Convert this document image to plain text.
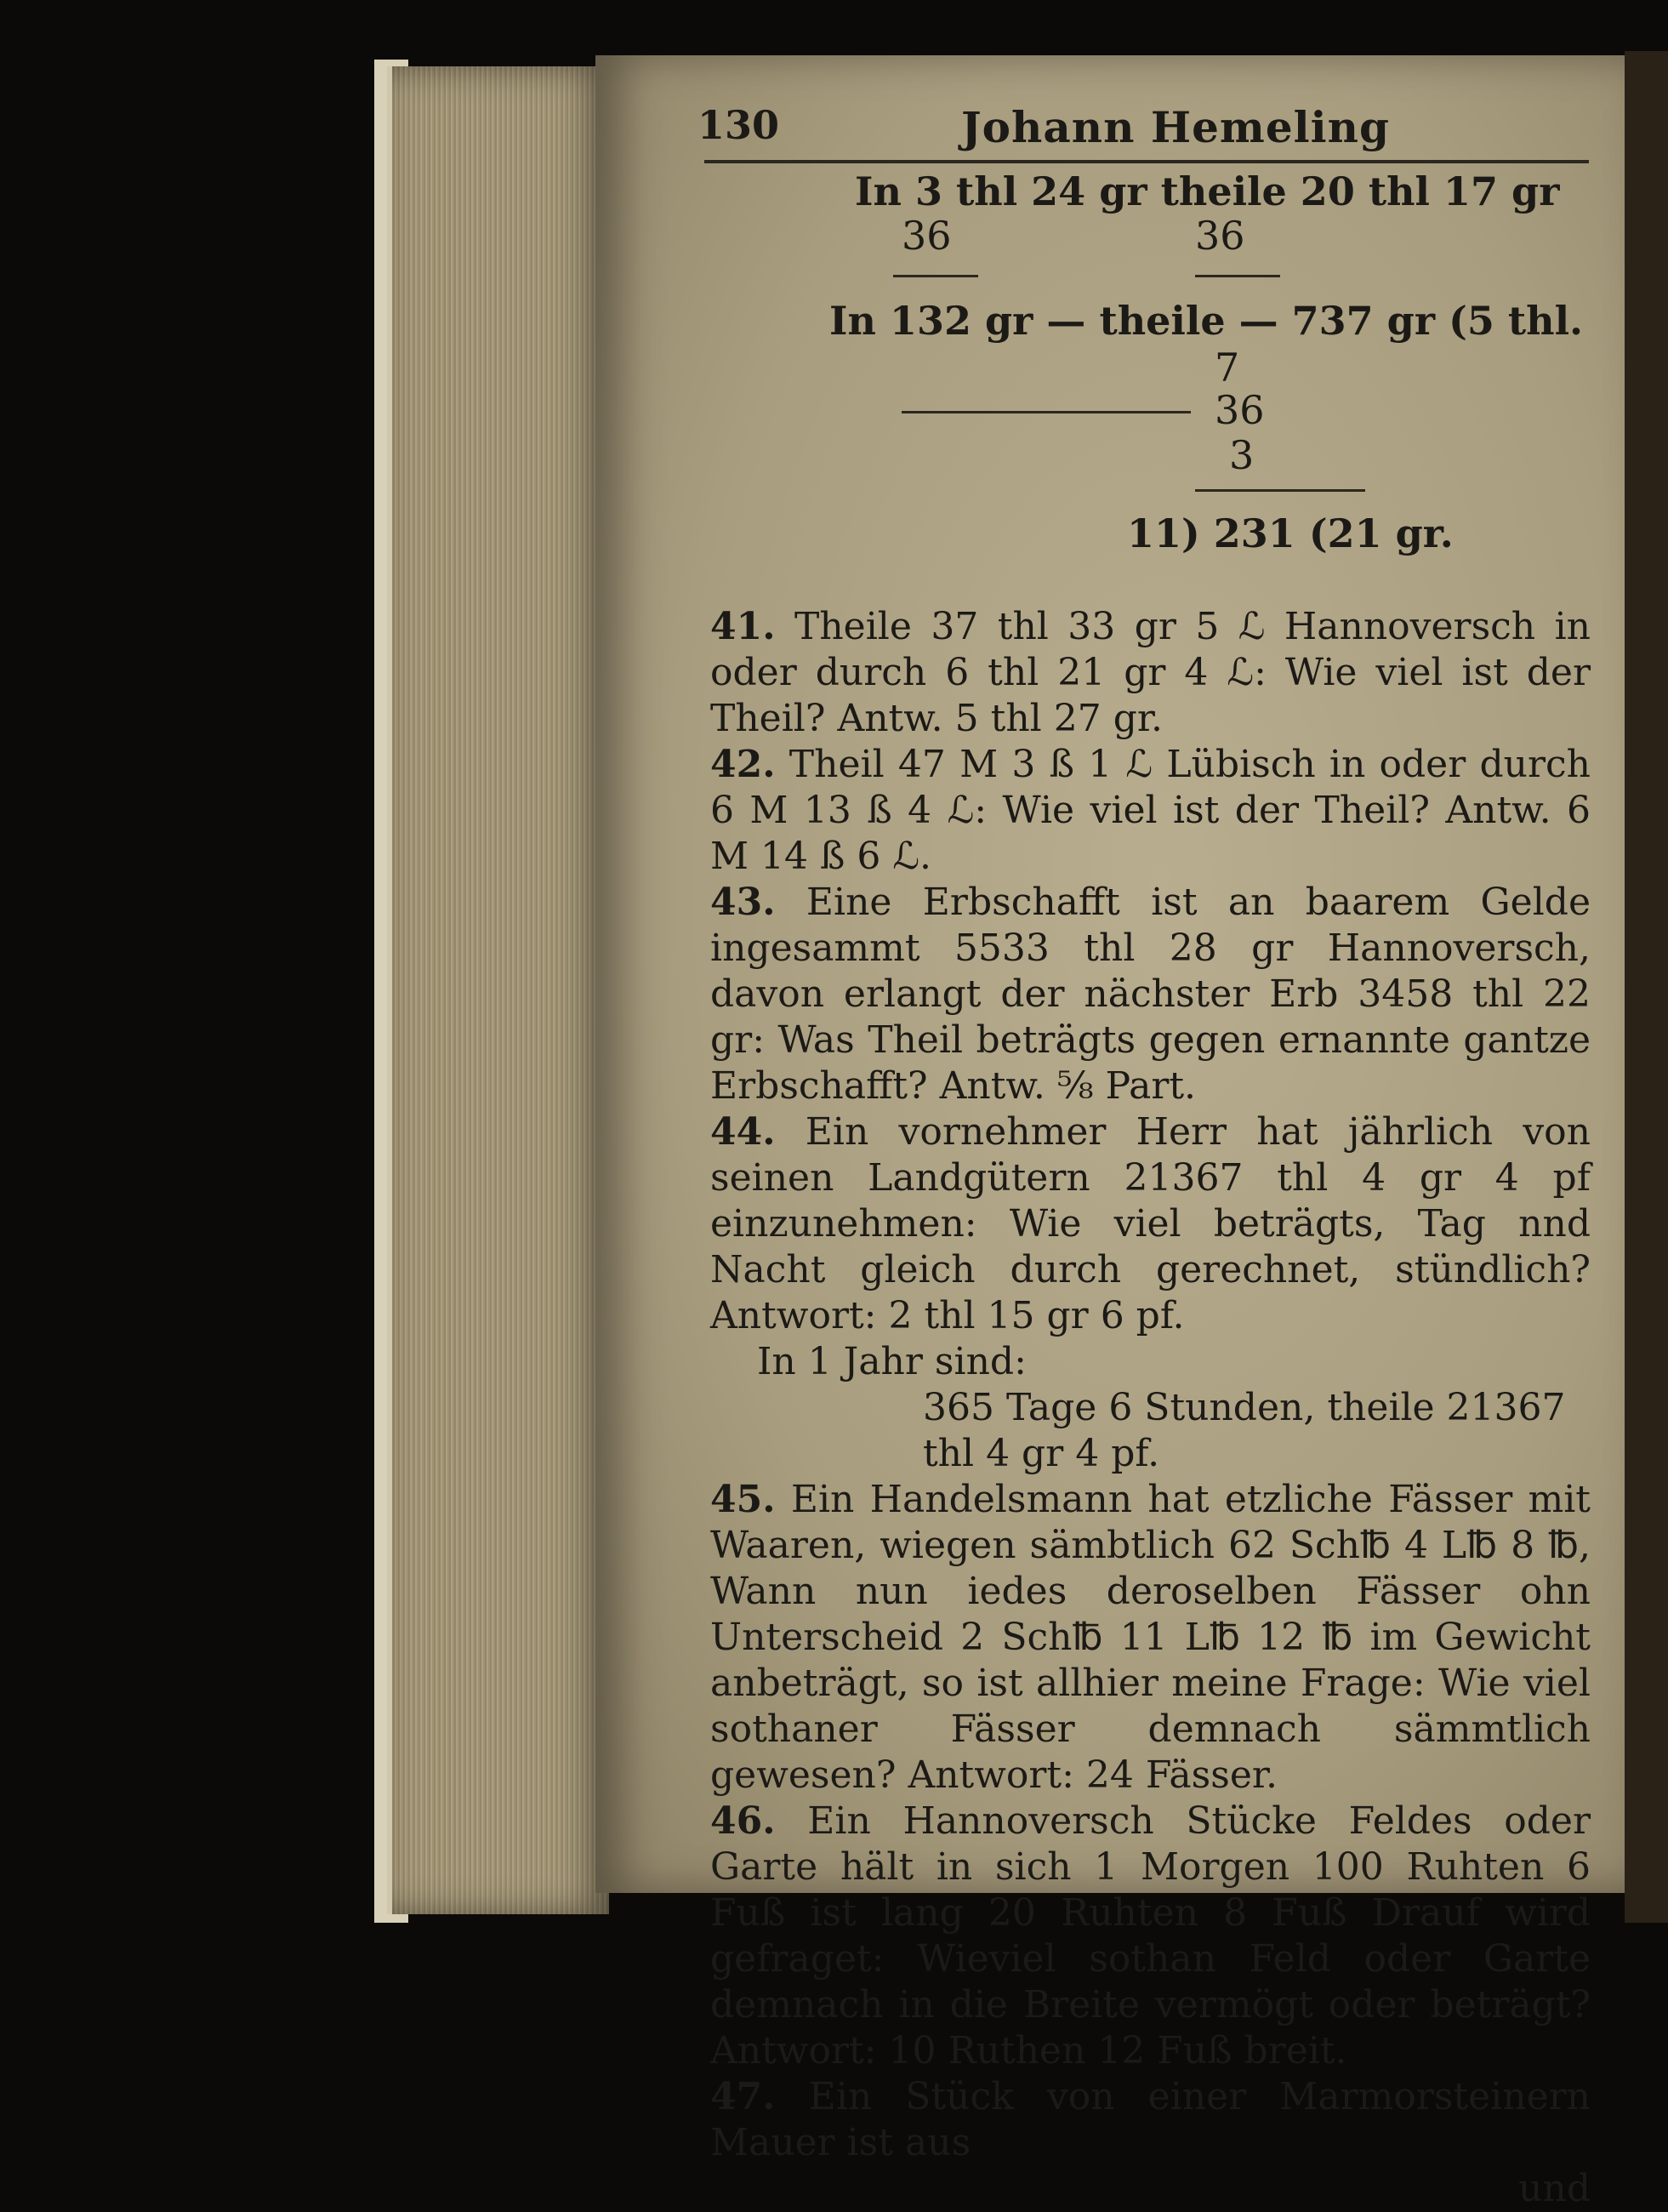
130	Johann Hemeling
In 3 thl 24 gr theile 20 thl 17 gr
36	36
In 132 gr — theile — 737 gr (5 thl.
7
36
3
11) 231 (21 gr.

41. Theile 37 thl 33 gr 5 ℒ Hannoversch in oder durch 6 thl 21 gr 4 ℒ: Wie viel ist der Theil? Antw. 5 thl 27 gr.

42. Theil 47 M 3 ß 1 ℒ Lübisch in oder durch 6 M 13 ß 4 ℒ: Wie viel ist der Theil? Antw. 6 M 14 ß 6 ℒ.

43. Eine Erbschafft ist an baarem Gelde ingesammt 5533 thl 28 gr Hannoversch, davon erlangt der nächster Erb 3458 thl 22 gr: Was Theil beträgts gegen ernannte gantze Erbschafft? Antw. ⅝ Part.

44. Ein vornehmer Herr hat jährlich von seinen Landgütern 21367 thl 4 gr 4 pf einzunehmen: Wie viel beträgts, Tag nnd Nacht gleich durch gerechnet, stündlich? Antwort: 2 thl 15 gr 6 pf.

In 1 Jahr sind:

365 Tage 6 Stunden, theile 21367 thl 4 gr 4 pf.

45. Ein Handelsmann hat etzliche Fässer mit Waaren, wiegen sämbtlich 62 Sch℔ 4 L℔ 8 ℔, Wann nun iedes deroselben Fässer ohn Unterscheid 2 Sch℔ 11 L℔ 12 ℔ im Gewicht anbeträgt, so ist allhier meine Frage: Wie viel sothaner Fässer demnach sämmtlich gewesen? Antwort: 24 Fässer.

46. Ein Hannoversch Stücke Feldes oder Garte hält in sich 1 Morgen 100 Ruhten 6 Fuß ist lang 20 Ruhten 8 Fuß Drauf wird gefraget: Wieviel sothan Feld oder Garte demnach in die Breite vermögt oder beträgt? Antwort: 10 Ruthen 12 Fuß breit.

47. Ein Stück von einer Marmorsteinern Mauer ist aus

und
